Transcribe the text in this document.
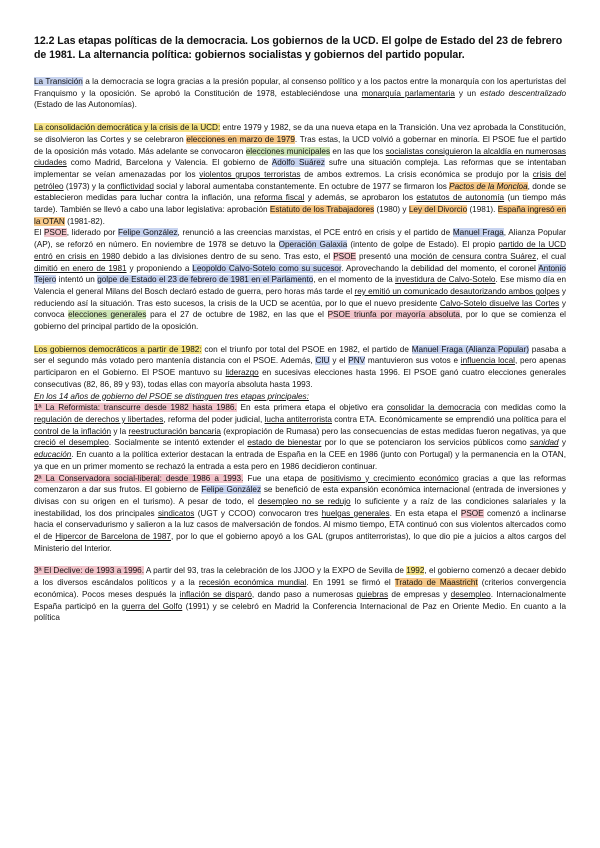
12.2 Las etapas políticas de la democracia. Los gobiernos de la UCD. El golpe de Estado del 23 de febrero de 1981. La alternancia política: gobiernos socialistas y gobiernos del partido popular.

La Transición a la democracia se logra gracias a la presión popular, al consenso político y a los pactos entre la monarquía con los aperturistas del Franquismo y la oposición. Se aprobó la Constitución de 1978, estableciéndose una monarquía parlamentaria y un estado descentralizado (Estado de las Autonomías).

La consolidación democrática y la crisis de la UCD: entre 1979 y 1982, se da una nueva etapa en la Transición. Una vez aprobada la Constitución, se disolvieron las Cortes y se celebraron elecciones en marzo de 1979. Tras estas, la UCD volvió a gobernar en minoría. El PSOE fue el partido de la oposición más votado. Más adelante se convocaron elecciones municipales en las que los socialistas consiguieron la alcaldía en numerosas ciudades como Madrid, Barcelona y Valencia. El gobierno de Adolfo Suárez sufre una situación compleja. Las reformas que se intentaban implementar se veían amenazadas por los violentos grupos terroristas de ambos extremos. La crisis económica se produjo por la crisis del petróleo (1973) y la conflictividad social y laboral aumentaba constantemente. En octubre de 1977 se firmaron los Pactos de la Moncloa, donde se establecieron medidas para luchar contra la inflación, una reforma fiscal y además, se aprobaron los estatutos de autonomía (un tiempo más tarde). También se llevó a cabo una labor legislativa: aprobación Estatuto de los Trabajadores (1980) y Ley del Divorcio (1981). España ingresó en la OTAN (1981-82).

El PSOE, liderado por Felipe González, renunció a las creencias marxistas, el PCE entró en crisis y el partido de Manuel Fraga, Alianza Popular (AP), se reforzó en número. En noviembre de 1978 se detuvo la Operación Galaxia (intento de golpe de Estado). El propio partido de la UCD entró en crisis en 1980 debido a las divisiones dentro de su seno. Tras esto, el PSOE presentó una moción de censura contra Suárez, el cual dimitió en enero de 1981 y proponiendo a Leopoldo Calvo-Sotelo como su sucesor. Aprovechando la debilidad del momento, el coronel Antonio Tejero intentó un golpe de Estado el 23 de febrero de 1981 en el Parlamento, en el momento de la investidura de Calvo-Sotelo. Ese mismo día en Valencia el general Milans del Bosch declaró estado de guerra, pero horas más tarde el rey emitió un comunicado desautorizando ambos golpes y reduciendo así la situación. Tras esto sucesos, la crisis de la UCD se acentúa, por lo que el nuevo presidente Calvo-Sotelo disuelve las Cortes y convoca elecciones generales para el 27 de octubre de 1982, en las que el PSOE triunfa por mayoría absoluta, por lo que se comienza el gobierno del principal partido de la oposición.

Los gobiernos democráticos a partir de 1982: con el triunfo por total del PSOE en 1982, el partido de Manuel Fraga (Alianza Popular) pasaba a ser el segundo más votado pero mantenía distancia con el PSOE. Además, CIU y el PNV mantuvieron sus votos e influencia local, pero apenas participaron en el Gobierno. El PSOE mantuvo su liderazgo en sucesivas elecciones hasta 1996. El PSOE ganó cuatro elecciones generales consecutivas (82, 86, 89 y 93), todas ellas con mayoría absoluta hasta 1993.

En los 14 años de gobierno del PSOE se distinguen tres etapas principales:

1ª La Reformista: transcurre desde 1982 hasta 1986. En esta primera etapa el objetivo era consolidar la democracia con medidas como la regulación de derechos y libertades, reforma del poder judicial, lucha antiterrorista contra ETA. Económicamente se emprendió una política para el control de la inflación y la reestructuración bancaria (expropiación de Rumasa) pero las consecuencias de estas medidas fueron negativas, ya que creció el desempleo. Socialmente se intentó extender el estado de bienestar por lo que se potenciaron los servicios públicos como sanidad y educación. En cuanto a la política exterior destacan la entrada de España en la CEE en 1986 (junto con Portugal) y la permanencia en la OTAN, ya que en un primer momento se rechazó la entrada a esta pero en 1986 decidieron continuar.

2ª La Conservadora social-liberal: desde 1986 a 1993. Fue una etapa de positivismo y crecimiento económico gracias a que las reformas comenzaron a dar sus frutos. El gobierno de Felipe González se benefició de esta expansión económica internacional (entrada de inversiones y divisas con su origen en el turismo). A pesar de todo, el desempleo no se redujo lo suficiente y a raíz de las condiciones salariales y la inestabilidad, los dos principales sindicatos (UGT y CCOO) convocaron tres huelgas generales. En esta etapa el PSOE comenzó a inclinarse hacia el conservadurismo y salieron a la luz casos de malversación de fondos. Al mismo tiempo, ETA continuó con sus violentos altercados como el de Hipercor de Barcelona de 1987, por lo que el gobierno apoyó a los GAL (grupos antiterroristas), lo que dio pie a juicios a altos cargos del Ministerio del Interior.

3ª El Declive: de 1993 a 1996. A partir del 93, tras la celebración de los JJOO y la EXPO de Sevilla de 1992, el gobierno comenzó a decaer debido a los diversos escándalos políticos y a la recesión económica mundial. En 1991 se firmó el Tratado de Maastricht (criterios convergencia económica). Pocos meses después la inflación se disparó, dando paso a numerosas quiebras de empresas y desempleo. Internacionalmente España participó en la guerra del Golfo (1991) y se celebró en Madrid la Conferencia Internacional de Paz en Oriente Medio. En cuanto a la política
